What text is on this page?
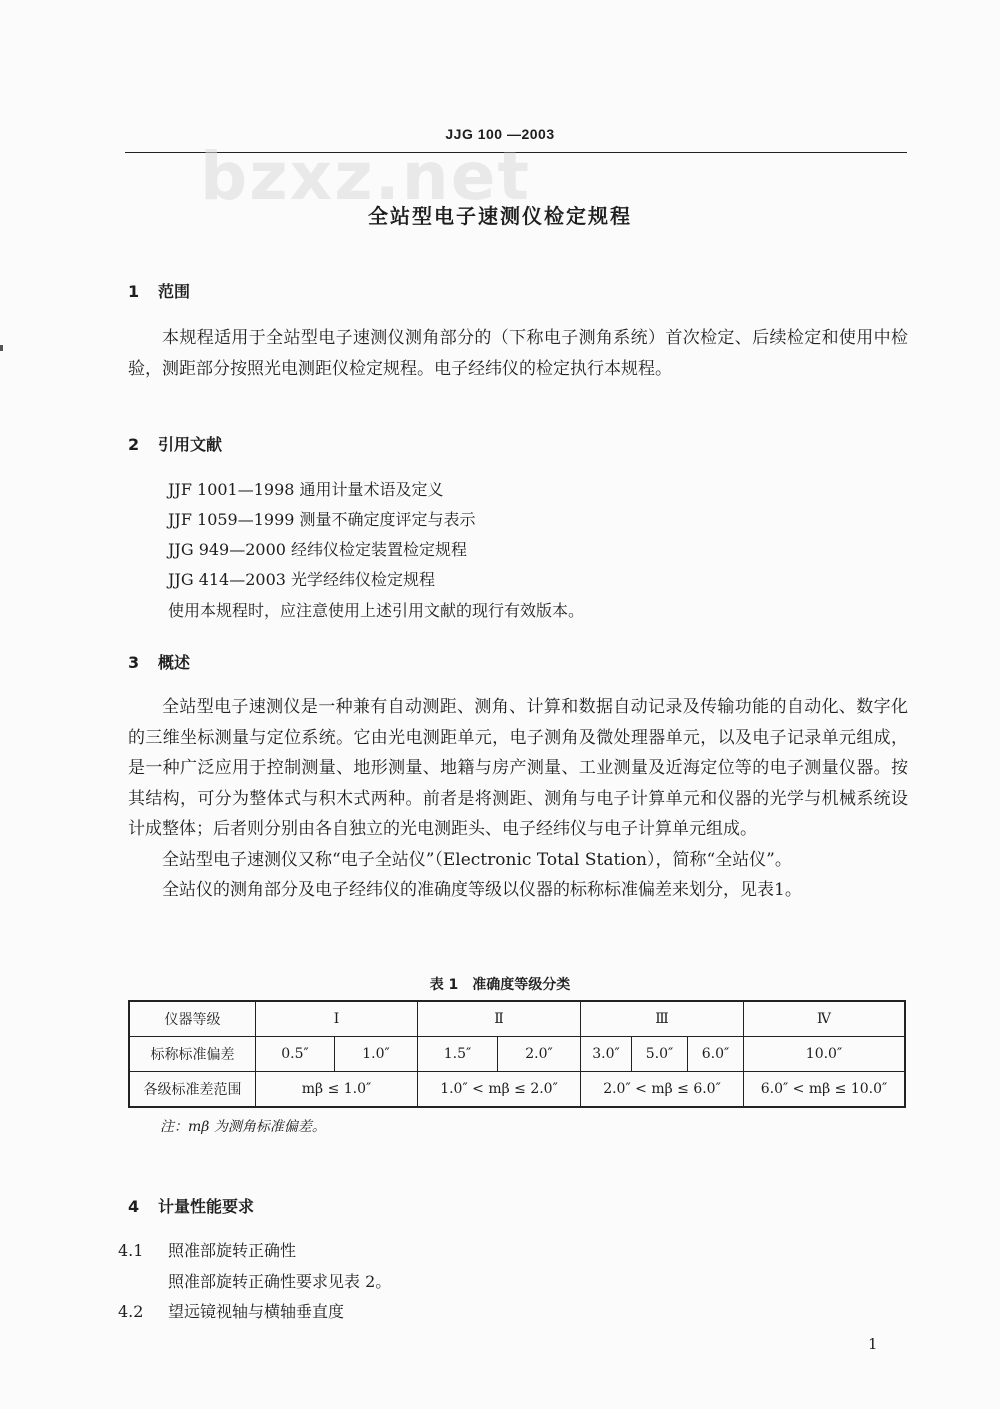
JJG 100 —2003
bzxz.net
全站型电子速测仪检定规程
1 范围

本规程适用于全站型电子速测仪测角部分的（下称电子测角系统）首次检定、后续检定和使用中检验，测距部分按照光电测距仪检定规程。电子经纬仪的检定执行本规程。

2 引用文献
JJF 1001—1998 通用计量术语及定义
JJF 1059—1999 测量不确定度评定与表示
JJG 949—2000 经纬仪检定装置检定规程
JJG 414—2003 光学经纬仪检定规程
使用本规程时，应注意使用上述引用文献的现行有效版本。
3 概述

全站型电子速测仪是一种兼有自动测距、测角、计算和数据自动记录及传输功能的自动化、数字化的三维坐标测量与定位系统。它由光电测距单元，电子测角及微处理器单元，以及电子记录单元组成，是一种广泛应用于控制测量、地形测量、地籍与房产测量、工业测量及近海定位等的电子测量仪器。按其结构，可分为整体式与积木式两种。前者是将测距、测角与电子计算单元和仪器的光学与机械系统设计成整体；后者则分别由各自独立的光电测距头、电子经纬仪与电子计算单元组成。

全站型电子速测仪又称“电子全站仪”（Electronic Total Station），简称“全站仪”。

全站仪的测角部分及电子经纬仪的准确度等级以仪器的标称标准偏差来划分，见表1。

表 1　准确度等级分类
仪器等级	Ⅰ		Ⅱ		Ⅲ			Ⅳ
标称标准偏差	0.5″	1.0″	1.5″	2.0″	3.0″	5.0″	6.0″	10.0″
各级标准差范围	mβ ≤ 1.0″		1.0″ < mβ ≤ 2.0″		2.0″ < mβ ≤ 6.0″			6.0″ < mβ ≤ 10.0″
注：mβ 为测角标准偏差。
4 计量性能要求
4.1 照准部旋转正确性
照准部旋转正确性要求见表 2。
4.2 望远镜视轴与横轴垂直度
1
